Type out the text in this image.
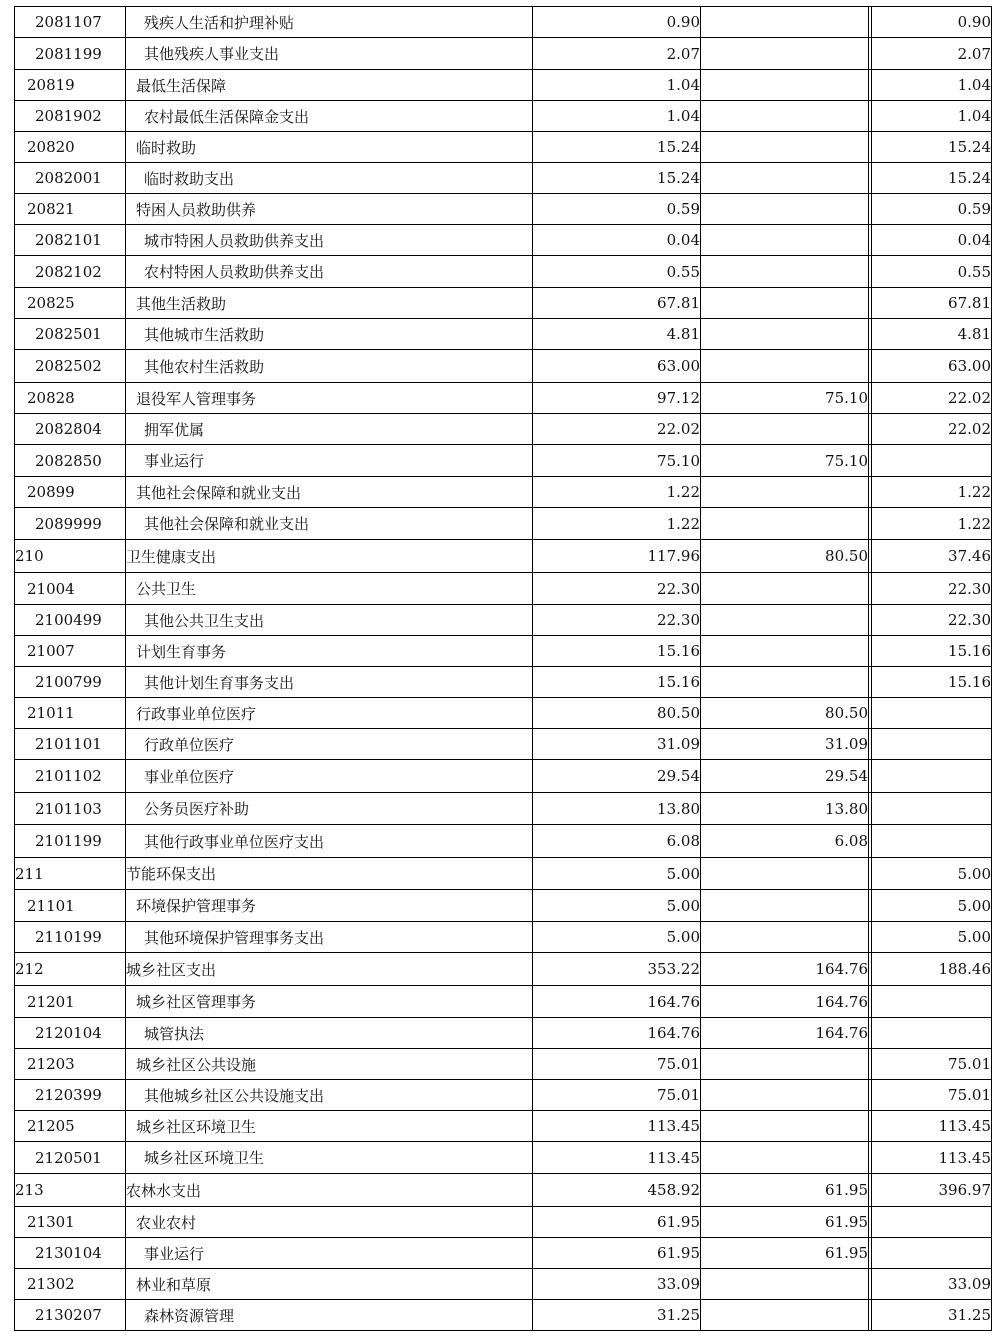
2081107	残疾人生活和护理补贴	0.90			0.90
2081199	其他残疾人事业支出	2.07			2.07
20819	最低生活保障	1.04			1.04
2081902	农村最低生活保障金支出	1.04			1.04
20820	临时救助	15.24			15.24
2082001	临时救助支出	15.24			15.24
20821	特困人员救助供养	0.59			0.59
2082101	城市特困人员救助供养支出	0.04			0.04
2082102	农村特困人员救助供养支出	0.55			0.55
20825	其他生活救助	67.81			67.81
2082501	其他城市生活救助	4.81			4.81
2082502	其他农村生活救助	63.00			63.00
20828	退役军人管理事务	97.12	75.10		22.02
2082804	拥军优属	22.02			22.02
2082850	事业运行	75.10	75.10		
20899	其他社会保障和就业支出	1.22			1.22
2089999	其他社会保障和就业支出	1.22			1.22
210	卫生健康支出	117.96	80.50		37.46
21004	公共卫生	22.30			22.30
2100499	其他公共卫生支出	22.30			22.30
21007	计划生育事务	15.16			15.16
2100799	其他计划生育事务支出	15.16			15.16
21011	行政事业单位医疗	80.50	80.50		
2101101	行政单位医疗	31.09	31.09		
2101102	事业单位医疗	29.54	29.54		
2101103	公务员医疗补助	13.80	13.80		
2101199	其他行政事业单位医疗支出	6.08	6.08		
211	节能环保支出	5.00			5.00
21101	环境保护管理事务	5.00			5.00
2110199	其他环境保护管理事务支出	5.00			5.00
212	城乡社区支出	353.22	164.76		188.46
21201	城乡社区管理事务	164.76	164.76		
2120104	城管执法	164.76	164.76		
21203	城乡社区公共设施	75.01			75.01
2120399	其他城乡社区公共设施支出	75.01			75.01
21205	城乡社区环境卫生	113.45			113.45
2120501	城乡社区环境卫生	113.45			113.45
213	农林水支出	458.92	61.95		396.97
21301	农业农村	61.95	61.95		
2130104	事业运行	61.95	61.95		
21302	林业和草原	33.09			33.09
2130207	森林资源管理	31.25			31.25
